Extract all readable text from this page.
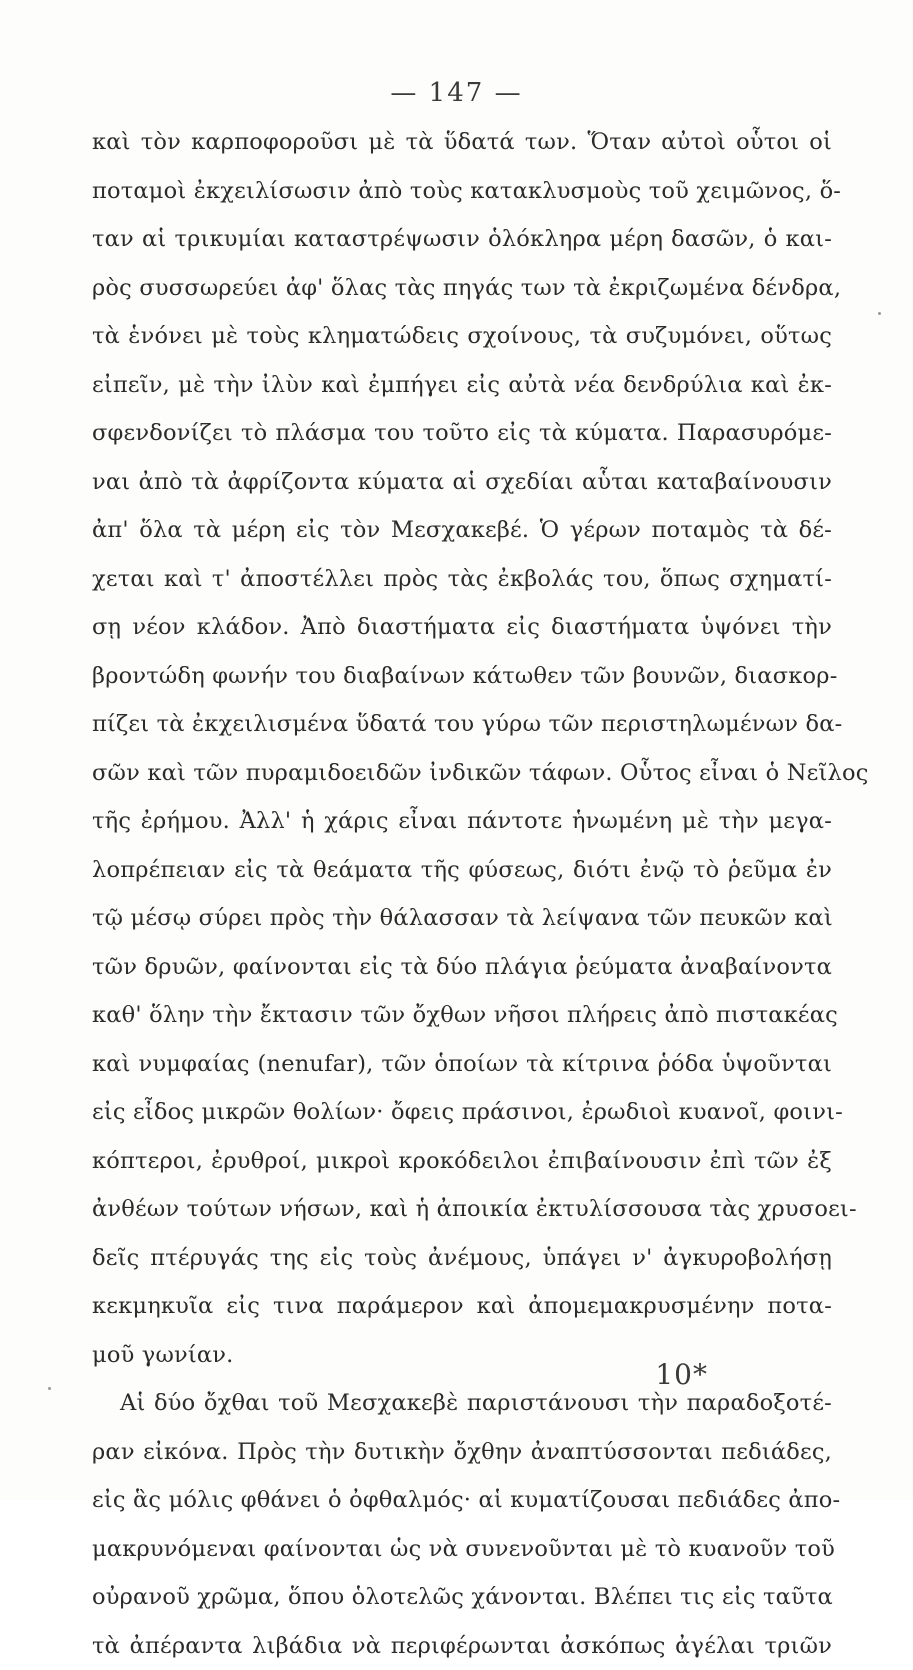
— 147 —
καὶ τὸν καρποφοροῦσι μὲ τὰ ὕδατά των. Ὅταν αὐτοὶ οὗτοι οἱ
ποταμοὶ ἐκχειλίσωσιν ἀπὸ τοὺς κατακλυσμοὺς τοῦ χειμῶνος, ὅ-
ταν αἱ τρικυμίαι καταστρέψωσιν ὁλόκληρα μέρη δασῶν, ὁ και-
ρὸς συσσωρεύει ἀφ' ὅλας τὰς πηγάς των τὰ ἐκριζωμένα δένδρα,
τὰ ἑνόνει μὲ τοὺς κληματώδεις σχοίνους, τὰ συζυμόνει, οὕτως
εἰπεῖν, μὲ τὴν ἰλὺν καὶ ἐμπήγει εἰς αὐτὰ νέα δενδρύλια καὶ ἐκ-
σφενδονίζει τὸ πλάσμα του τοῦτο εἰς τὰ κύματα. Παρασυρόμε-
ναι ἀπὸ τὰ ἀφρίζοντα κύματα αἱ σχεδίαι αὗται καταβαίνουσιν
ἀπ' ὅλα τὰ μέρη εἰς τὸν Μεσχακεβέ. Ὁ γέρων ποταμὸς τὰ δέ-
χεται καὶ τ' ἀποστέλλει πρὸς τὰς ἐκβολάς του, ὅπως σχηματί-
σῃ νέον κλάδον. Ἀπὸ διαστήματα εἰς διαστήματα ὑψόνει τὴν
βροντώδη φωνήν του διαβαίνων κάτωθεν τῶν βουνῶν, διασκορ-
πίζει τὰ ἐκχειλισμένα ὕδατά του γύρω τῶν περιστηλωμένων δα-
σῶν καὶ τῶν πυραμιδοειδῶν ἰνδικῶν τάφων. Οὗτος εἶναι ὁ Νεῖλος
τῆς ἐρήμου. Ἀλλ' ἡ χάρις εἶναι πάντοτε ἡνωμένη μὲ τὴν μεγα-
λοπρέπειαν εἰς τὰ θεάματα τῆς φύσεως, διότι ἐνῷ τὸ ῥεῦμα ἐν
τῷ μέσῳ σύρει πρὸς τὴν θάλασσαν τὰ λείψανα τῶν πευκῶν καὶ
τῶν δρυῶν, φαίνονται εἰς τὰ δύο πλάγια ῥεύματα ἀναβαίνοντα
καθ' ὅλην τὴν ἔκτασιν τῶν ὄχθων νῆσοι πλήρεις ἀπὸ πιστακέας
καὶ νυμφαίας (nenufar), τῶν ὁποίων τὰ κίτρινα ῥόδα ὑψοῦνται
εἰς εἶδος μικρῶν θολίων· ὄφεις πράσινοι, ἐρωδιοὶ κυανοῖ, φοινι-
κόπτεροι, ἐρυθροί, μικροὶ κροκόδειλοι ἐπιβαίνουσιν ἐπὶ τῶν ἐξ
ἀνθέων τούτων νήσων, καὶ ἡ ἀποικία ἐκτυλίσσουσα τὰς χρυσοει-
δεῖς πτέρυγάς της εἰς τοὺς ἀνέμους, ὑπάγει ν' ἀγκυροβολήσῃ
κεκμηκυῖα εἰς τινα παράμερον καὶ ἀπομεμακρυσμένην ποτα-
μοῦ γωνίαν.
Αἱ δύο ὄχθαι τοῦ Μεσχακεβὲ παριστάνουσι τὴν παραδοξοτέ-
ραν εἰκόνα. Πρὸς τὴν δυτικὴν ὄχθην ἀναπτύσσονται πεδιάδες,
εἰς ἃς μόλις φθάνει ὁ ὀφθαλμός· αἱ κυματίζουσαι πεδιάδες ἀπο-
μακρυνόμεναι φαίνονται ὡς νὰ συνενοῦνται μὲ τὸ κυανοῦν τοῦ
οὐρανοῦ χρῶμα, ὅπου ὁλοτελῶς χάνονται. Βλέπει τις εἰς ταῦτα
τὰ ἀπέραντα λιβάδια νὰ περιφέρωνται ἀσκόπως ἀγέλαι τριῶν
10*
